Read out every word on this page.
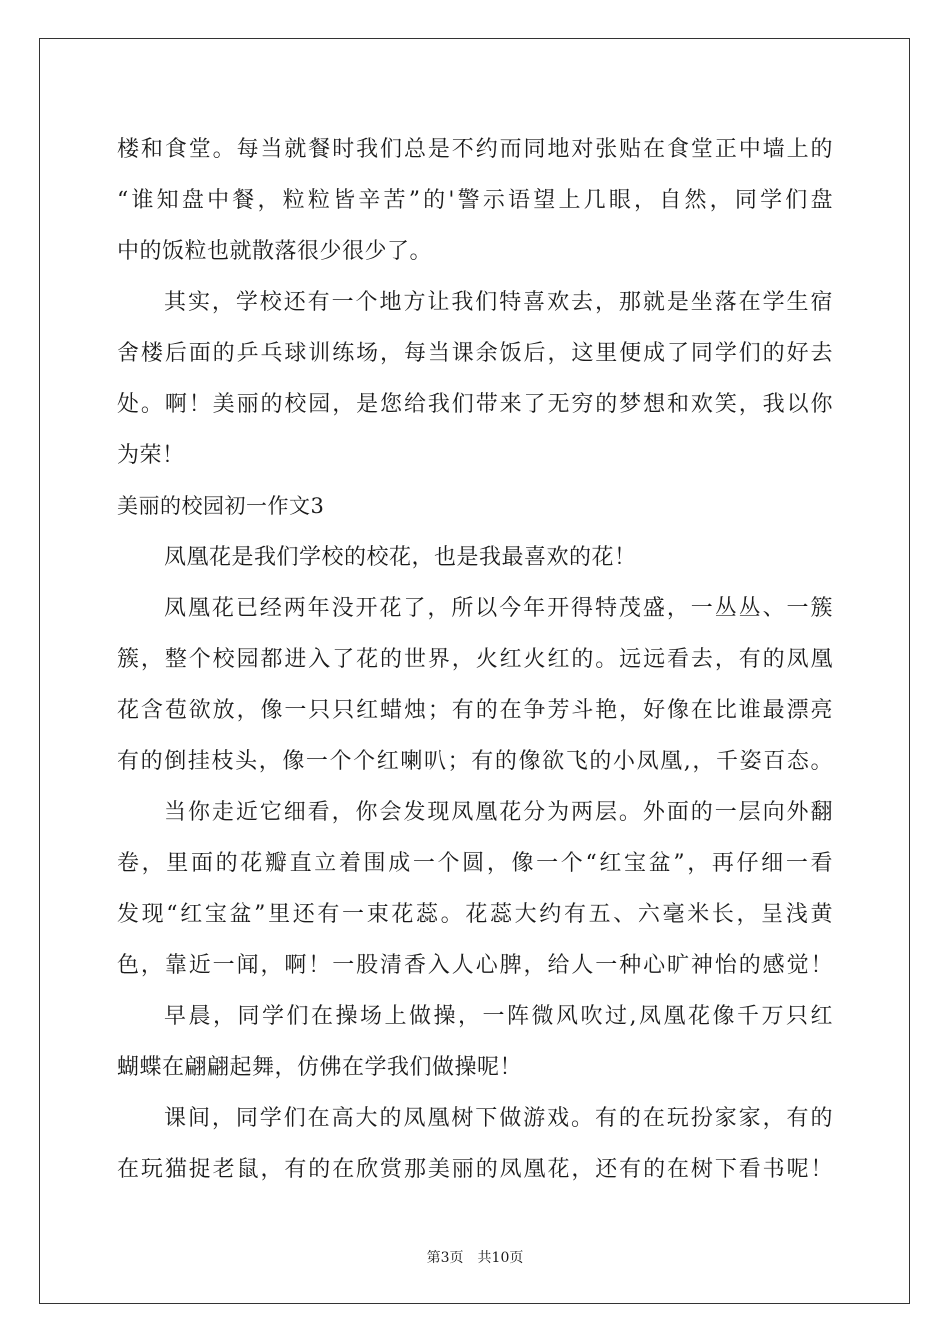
楼和食堂。每当就餐时我们总是不约而同地对张贴在食堂正中墙上的
“谁知盘中餐，粒粒皆辛苦”的'警示语望上几眼，自然，同学们盘
中的饭粒也就散落很少很少了。
其实，学校还有一个地方让我们特喜欢去，那就是坐落在学生宿
舍楼后面的乒乓球训练场，每当课余饭后，这里便成了同学们的好去
处。啊！美丽的校园，是您给我们带来了无穷的梦想和欢笑，我以你
为荣！
美丽的校园初一作文3
凤凰花是我们学校的校花，也是我最喜欢的花！
凤凰花已经两年没开花了，所以今年开得特茂盛，一丛丛、一簇
簇，整个校园都进入了花的世界，火红火红的。远远看去，有的凤凰
花含苞欲放，像一只只红蜡烛；有的在争芳斗艳，好像在比谁最漂亮
有的倒挂枝头，像一个个红喇叭；有的像欲飞的小凤凰,，千姿百态。
当你走近它细看，你会发现凤凰花分为两层。外面的一层向外翻
卷，里面的花瓣直立着围成一个圆，像一个“红宝盆”，再仔细一看
发现“红宝盆”里还有一束花蕊。花蕊大约有五、六毫米长，呈浅黄
色，靠近一闻，啊！一股清香入人心脾，给人一种心旷神怡的感觉！
早晨，同学们在操场上做操，一阵微风吹过,凤凰花像千万只红
蝴蝶在翩翩起舞，仿佛在学我们做操呢！
课间，同学们在高大的凤凰树下做游戏。有的在玩扮家家，有的
在玩猫捉老鼠，有的在欣赏那美丽的凤凰花，还有的在树下看书呢！
第3页 共10页
